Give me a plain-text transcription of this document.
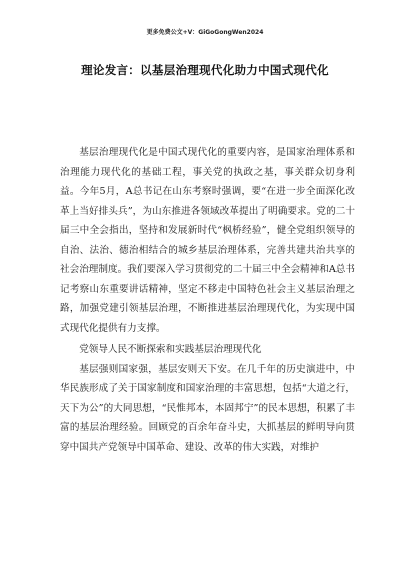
更多免费公文+V：GiGoGongWen2024
理论发言：以基层治理现代化助力中国式现代化

基层治理现代化是中国式现代化的重要内容，是国家治理体系和治理能力现代化的基础工程，事关党的执政之基，事关群众切身利益。今年5月，A总书记在山东考察时强调，要“在进一步全面深化改革上当好排头兵”，为山东推进各领域改革提出了明确要求。党的二十届三中全会指出，坚持和发展新时代“枫桥经验”，健全党组织领导的自治、法治、德治相结合的城乡基层治理体系，完善共建共治共享的社会治理制度。我们要深入学习贯彻党的二十届三中全会精神和A总书记考察山东重要讲话精神，坚定不移走中国特色社会主义基层治理之路，加强党建引领基层治理，不断推进基层治理现代化，为实现中国式现代化提供有力支撑。

党领导人民不断探索和实践基层治理现代化

基层强则国家强，基层安则天下安。在几千年的历史演进中，中华民族形成了关于国家制度和国家治理的丰富思想，包括“大道之行，天下为公”的大同思想，“民惟邦本，本固邦宁”的民本思想，积累了丰富的基层治理经验。回顾党的百余年奋斗史，大抓基层的鲜明导向贯穿中国共产党领导中国革命、建设、改革的伟大实践，对维护
